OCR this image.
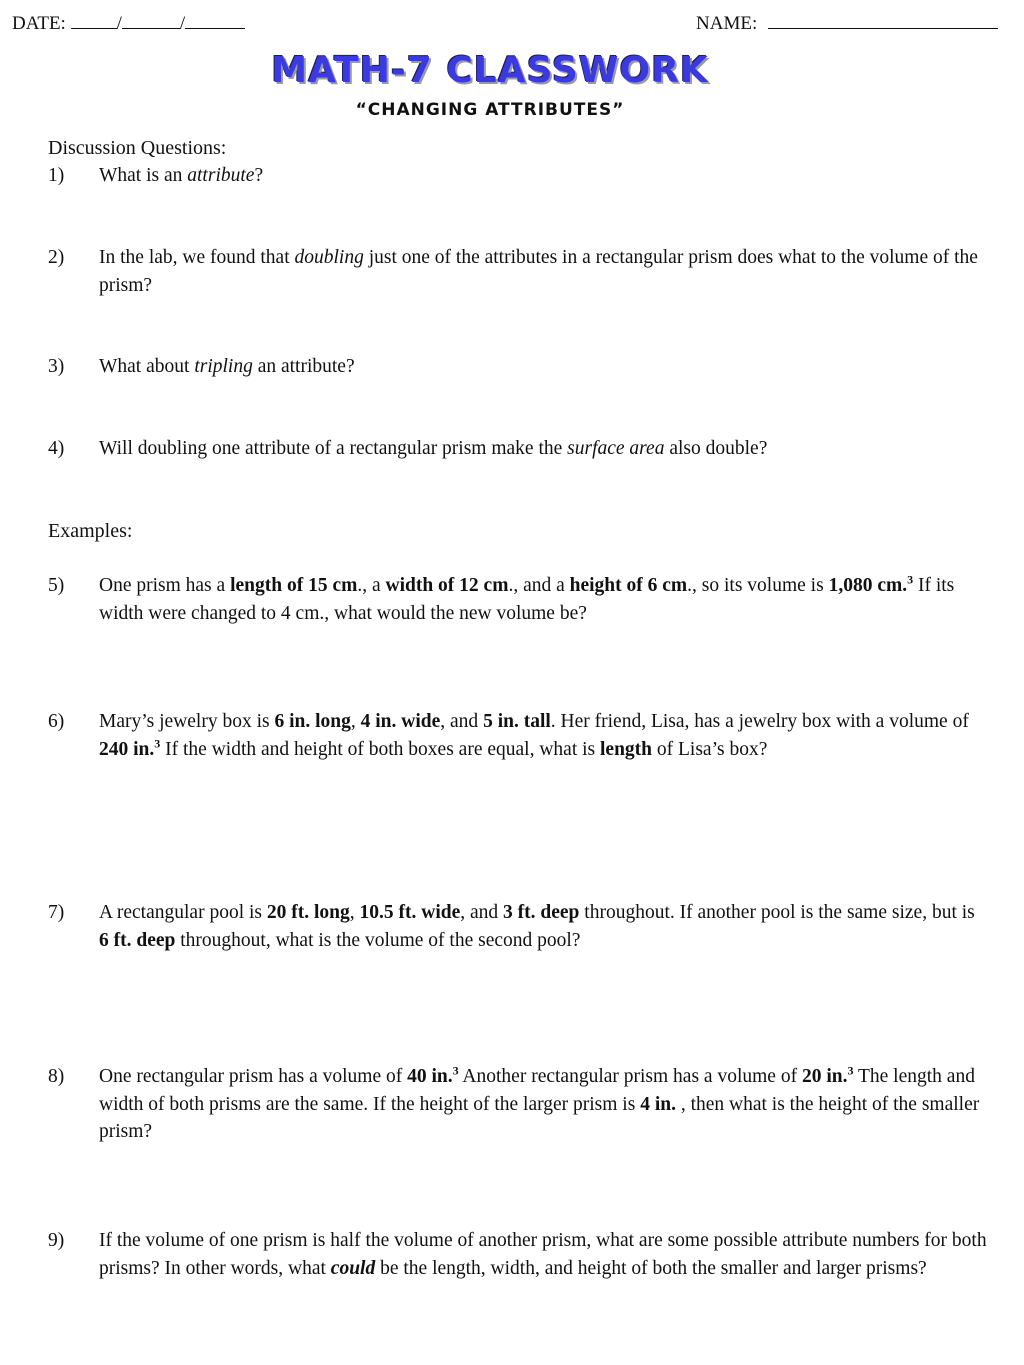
DATE:	/	/	NAME:
MATH-7 CLASSWORK
“CHANGING ATTRIBUTES”
Discussion Questions:
Examples:
1) What is an attribute?
2) In the lab, we found that doubling just one of the attributes in a rectangular prism does what to the volume of the prism?
3) What about tripling an attribute?
4) Will doubling one attribute of a rectangular prism make the surface area also double?
5) One prism has a length of 15 cm., a width of 12 cm., and a height of 6 cm., so its volume is 1,080 cm.$^3$ If its width were changed to 4 cm., what would the new volume be?
6) Mary’s jewelry box is 6 in. long, 4 in. wide, and 5 in. tall. Her friend, Lisa, has a jewelry box with a volume of 240 in.$^3$ If the width and height of both boxes are equal, what is length of Lisa’s box?
7) A rectangular pool is 20 ft. long, 10.5 ft. wide, and 3 ft. deep throughout. If another pool is the same size, but is 6 ft. deep throughout, what is the volume of the second pool?
8) One rectangular prism has a volume of 40 in.$^3$ Another rectangular prism has a volume of 20 in.$^3$ The length and width of both prisms are the same. If the height of the larger prism is 4 in. , then what is the height of the smaller prism?
9) If the volume of one prism is half the volume of another prism, what are some possible attribute numbers for both prisms? In other words, what could be the length, width, and height of both the smaller and larger prisms?
